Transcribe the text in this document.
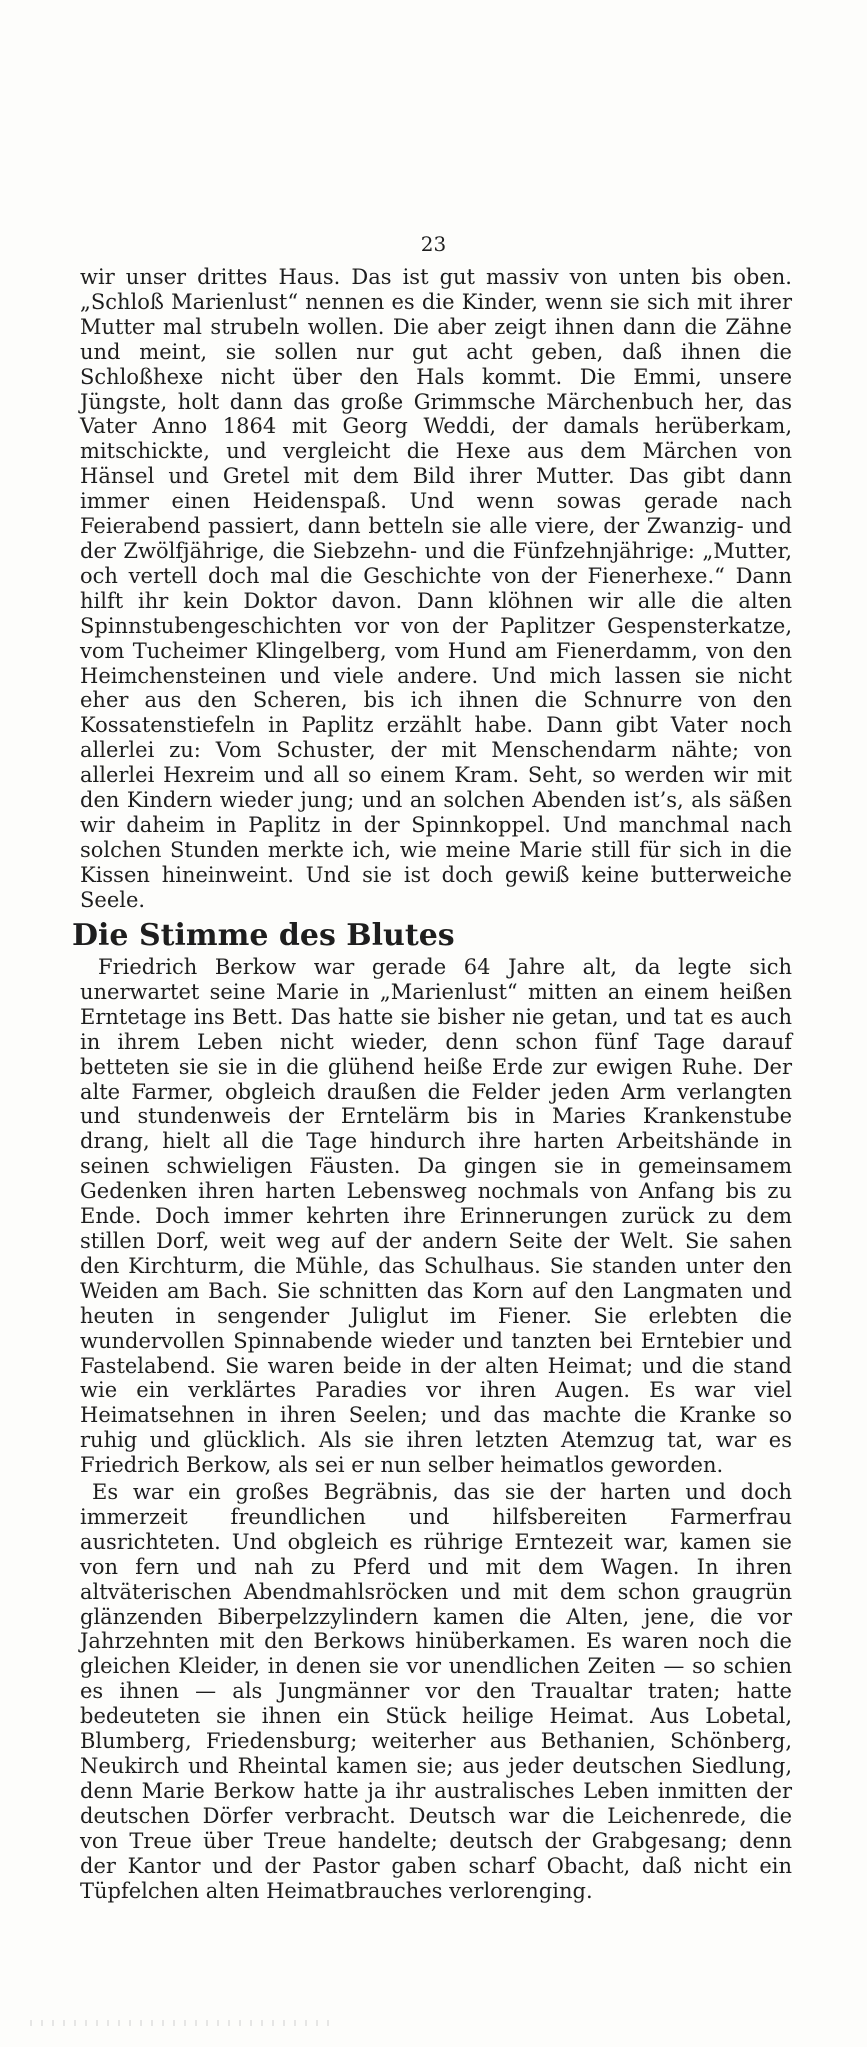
23

wir unser drittes Haus. Das ist gut massiv von unten bis oben. „Schloß Marienlust“ nennen es die Kinder, wenn sie sich mit ihrer Mutter mal strubeln wollen. Die aber zeigt ihnen dann die Zähne und meint, sie sollen nur gut acht geben, daß ihnen die Schloßhexe nicht über den Hals kommt. Die Emmi, unsere Jüngste, holt dann das große Grimmsche Märchenbuch her, das Vater Anno 1864 mit Georg Weddi, der damals herüberkam, mitschickte, und vergleicht die Hexe aus dem Märchen von Hänsel und Gretel mit dem Bild ihrer Mutter. Das gibt dann immer einen Heidenspaß. Und wenn sowas gerade nach Feierabend passiert, dann betteln sie alle viere, der Zwanzig- und der Zwölfjährige, die Siebzehn- und die Fünfzehnjährige: „Mutter, och vertell doch mal die Geschichte von der Fienerhexe.“ Dann hilft ihr kein Doktor davon. Dann klöhnen wir alle die alten Spinnstubengeschichten vor von der Paplitzer Gespensterkatze, vom Tucheimer Klingelberg, vom Hund am Fienerdamm, von den Heimchensteinen und viele andere. Und mich lassen sie nicht eher aus den Scheren, bis ich ihnen die Schnurre von den Kossatenstiefeln in Paplitz erzählt habe. Dann gibt Vater noch allerlei zu: Vom Schuster, der mit Menschendarm nähte; von allerlei Hexreim und all so einem Kram. Seht, so werden wir mit den Kindern wieder jung; und an solchen Abenden ist’s, als säßen wir daheim in Paplitz in der Spinnkoppel. Und manchmal nach solchen Stunden merkte ich, wie meine Marie still für sich in die Kissen hineinweint. Und sie ist doch gewiß keine butterweiche Seele.

Die Stimme des Blutes

Friedrich Berkow war gerade 64 Jahre alt, da legte sich unerwartet seine Marie in „Marienlust“ mitten an einem heißen Erntetage ins Bett. Das hatte sie bisher nie getan, und tat es auch in ihrem Leben nicht wieder, denn schon fünf Tage darauf betteten sie sie in die glühend heiße Erde zur ewigen Ruhe. Der alte Farmer, obgleich draußen die Felder jeden Arm verlangten und stundenweis der Erntelärm bis in Maries Krankenstube drang, hielt all die Tage hindurch ihre harten Arbeitshände in seinen schwieligen Fäusten. Da gingen sie in gemeinsamem Gedenken ihren harten Lebensweg nochmals von Anfang bis zu Ende. Doch immer kehrten ihre Erinnerungen zurück zu dem stillen Dorf, weit weg auf der andern Seite der Welt. Sie sahen den Kirchturm, die Mühle, das Schulhaus. Sie standen unter den Weiden am Bach. Sie schnitten das Korn auf den Langmaten und heuten in sengender Juliglut im Fiener. Sie erlebten die wundervollen Spinnabende wieder und tanzten bei Erntebier und Fastelabend. Sie waren beide in der alten Heimat; und die stand wie ein verklärtes Paradies vor ihren Augen. Es war viel Heimatsehnen in ihren Seelen; und das machte die Kranke so ruhig und glücklich. Als sie ihren letzten Atemzug tat, war es Friedrich Berkow, als sei er nun selber heimatlos geworden.

Es war ein großes Begräbnis, das sie der harten und doch immerzeit freundlichen und hilfsbereiten Farmerfrau ausrichteten. Und obgleich es rührige Erntezeit war, kamen sie von fern und nah zu Pferd und mit dem Wagen. In ihren altväterischen Abendmahlsröcken und mit dem schon graugrün glänzenden Biberpelzzylindern kamen die Alten, jene, die vor Jahrzehnten mit den Berkows hinüberkamen. Es waren noch die gleichen Kleider, in denen sie vor unendlichen Zeiten — so schien es ihnen — als Jungmänner vor den Traualtar traten; hatte bedeuteten sie ihnen ein Stück heilige Heimat. Aus Lobetal, Blumberg, Friedensburg; weiterher aus Bethanien, Schönberg, Neukirch und Rheintal kamen sie; aus jeder deutschen Siedlung, denn Marie Berkow hatte ja ihr australisches Leben inmitten der deutschen Dörfer verbracht. Deutsch war die Leichenrede, die von Treue über Treue handelte; deutsch der Grabgesang; denn der Kantor und der Pastor gaben scharf Obacht, daß nicht ein Tüpfelchen alten Heimatbrauches verlorenging.
